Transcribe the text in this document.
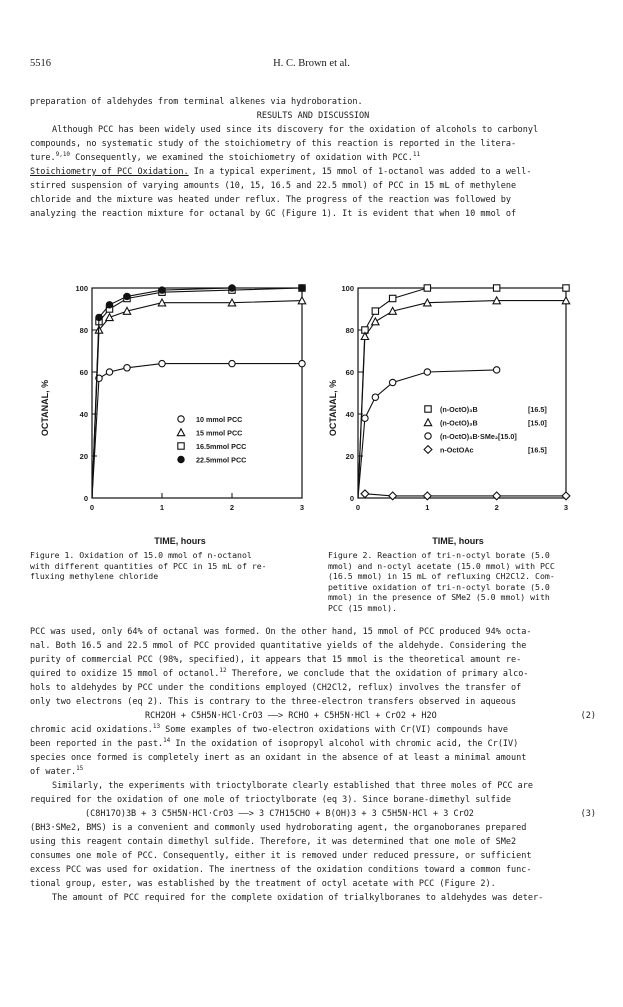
5516	H. C. Brown et al.

preparation of aldehydes from terminal alkenes via hydroboration.

RESULTS AND DISCUSSION

Although PCC has been widely used since its discovery for the oxidation of alcohols to carbonyl

compounds, no systematic study of the stoichiometry of this reaction is reported in the litera-

ture.$^{9,10}$ Consequently, we examined the stoichiometry of oxidation with PCC.$^{11}$

Stoichiometry of PCC Oxidation. In a typical experiment, 15 mmol of 1-octanol was added to a well-

stirred suspension of varying amounts (10, 15, 16.5 and 22.5 mmol) of PCC in 15 mL of methylene

chloride and the mixture was heated under reflux. The progress of the reaction was followed by

analyzing the reaction mixture for octanal by GC (Figure 1). It is evident that when 10 mmol of

OCTANAL, %
TIME, hours
10 mmol PCC
15 mmol PCC
16.5mmol PCC
22.5mmol PCC
0
20
40
60
80
100
0	1	2	3
Figure 1. Oxidation of 15.0 mmol of n-octanol
with different quantities of PCC in 15 mL of re-
fluxing methylene chloride
OCTANAL, %
TIME, hours
(n-OctO)₃B	[16.5]
(n-OctO)₃B	[15.0]
(n-OctO)₃B·SMe₂[15.0]
n-OctOAc	[16.5]
0
20
40
60
80
100
0	1	2	3
Figure 2. Reaction of tri-n-octyl borate (5.0
mmol) and n-octyl acetate (15.0 mmol) with PCC
(16.5 mmol) in 15 mL of refluxing CH2Cl2. Com-
petitive oxidation of tri-n-octyl borate (5.0
mmol) in the presence of SMe2 (5.0 mmol) with
PCC (15 mmol).

PCC was used, only 64% of octanal was formed. On the other hand, 15 mmol of PCC produced 94% octa-

nal. Both 16.5 and 22.5 mmol of PCC provided quantitative yields of the aldehyde. Considering the

purity of commercial PCC (98%, specified), it appears that 15 mmol is the theoretical amount re-

quired to oxidize 15 mmol of octanol.$^{12}$ Therefore, we conclude that the oxidation of primary alco-

hols to aldehydes by PCC under the conditions employed (CH2Cl2, reflux) involves the transfer of

only two electrons (eq 2). This is contrary to the three-electron transfers observed in aqueous

RCH2OH + C5H5N·HCl·CrO3 ——> RCHO + C5H5N·HCl + CrO2 + H2O	(2)

chromic acid oxidations.$^{13}$ Some examples of two-electron oxidations with Cr(VI) compounds have

been reported in the past.$^{14}$ In the oxidation of isopropyl alcohol with chromic acid, the Cr(IV)

species once formed is completely inert as an oxidant in the absence of at least a minimal amount

of water.$^{15}$

Similarly, the experiments with trioctylborate clearly established that three moles of PCC are

required for the oxidation of one mole of trioctylborate (eq 3). Since borane-dimethyl sulfide

(C8H17O)3B + 3 C5H5N·HCl·CrO3 ——> 3 C7H15CHO + B(OH)3 + 3 C5H5N·HCl + 3 CrO2	(3)

(BH3·SMe2, BMS) is a convenient and commonly used hydroborating agent, the organoboranes prepared

using this reagent contain dimethyl sulfide. Therefore, it was determined that one mole of SMe2

consumes one mole of PCC. Consequently, either it is removed under reduced pressure, or sufficient

excess PCC was used for oxidation. The inertness of the oxidation conditions toward a common func-

tional group, ester, was established by the treatment of octyl acetate with PCC (Figure 2).

The amount of PCC required for the complete oxidation of trialkylboranes to aldehydes was deter-
